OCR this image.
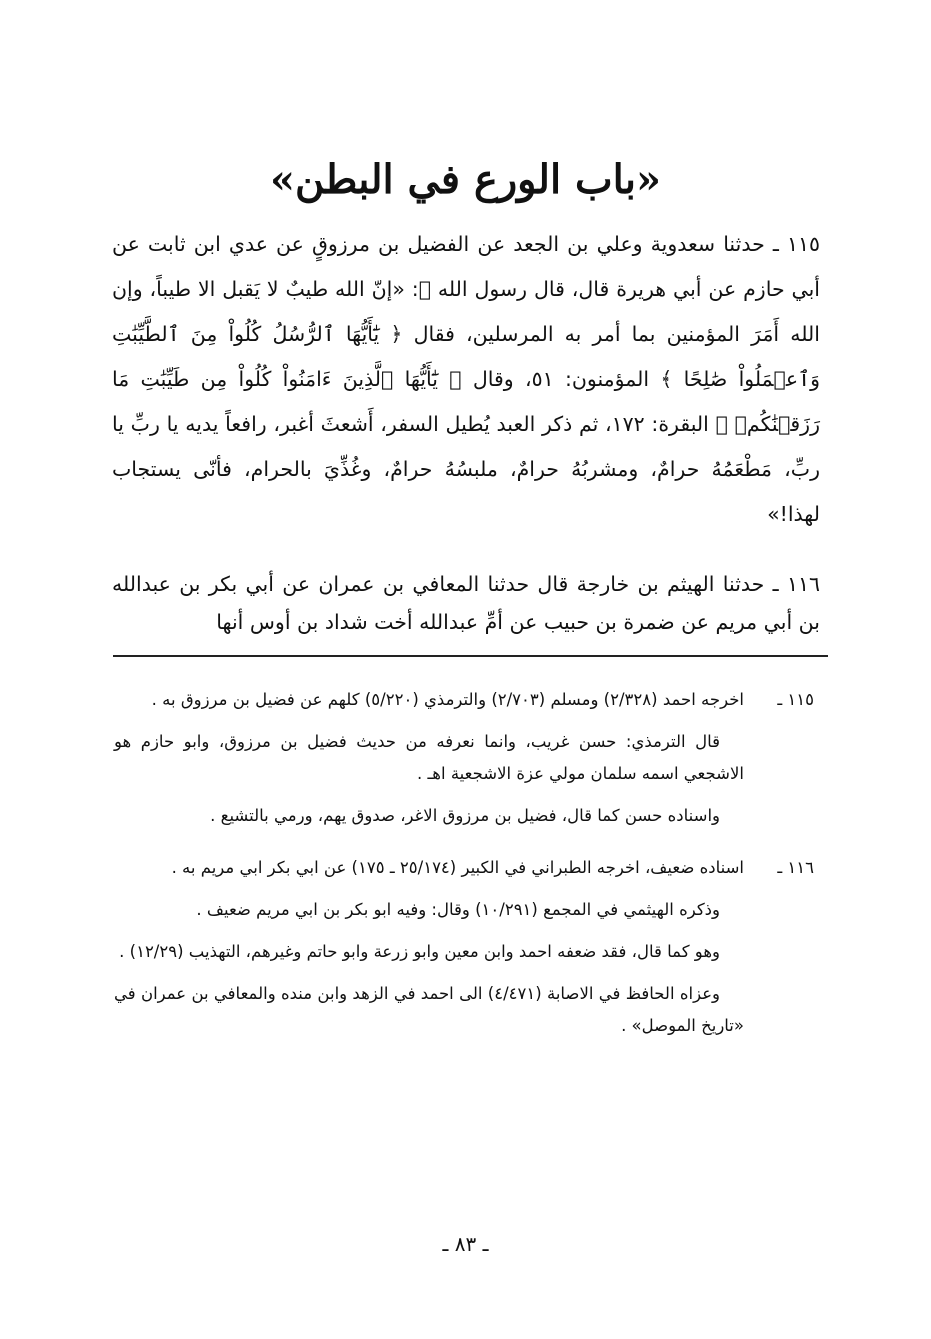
«باب الورع في البطن»

١١٥ ـ حدثنا سعدوية وعلي بن الجعد عن الفضيل بن مرزوقٍ عن عدي ابن ثابت عن أبي حازم عن أبي هريرة قال، قال رسول الله ﷺ: «إنّ الله طيبٌ لا يَقبل الا طيباً، وإن الله أَمَرَ المؤمنين بما أمر به المرسلين، فقال ﴿ يَٰٓأَيُّهَا ٱلرُّسُلُ كُلُواْ مِنَ ٱلطَّيِّبَٰتِ وَٱعۡمَلُواْ صَٰلِحًا ﴾ المؤمنون: ٥١، وقال ﴿ يَٰٓأَيُّهَا ٱلَّذِينَ ءَامَنُواْ كُلُواْ مِن طَيِّبَٰتِ مَا رَزَقۡنَٰكُمۡ ﴾ البقرة: ١٧٢، ثم ذكر العبد يُطيل السفر، أَشعثَ أغبر، رافعاً يديه يا ربِّ يا ربِّ، مَطْعَمُهُ حرامٌ، ومشربُهُ حرامٌ، ملبسُهُ حرامٌ، وغُذِّيَ بالحرام، فأنّى يستجاب لهذا!»

١١٦ ـ حدثنا الهيثم بن خارجة قال حدثنا المعافي بن عمران عن أبي بكر بن عبدالله بن أبي مريم عن ضمرة بن حبيب عن أمِّ عبدالله أخت شداد بن أوس أنها

١١٥ ـ

اخرجه احمد (٢/٣٢٨) ومسلم (٢/٧٠٣) والترمذي (٥/٢٢٠) كلهم عن فضيل بن مرزوق به .

قال الترمذي: حسن غريب، وانما نعرفه من حديث فضيل بن مرزوق، وابو حازم هو الاشجعي اسمه سلمان مولي عزة الاشجعية اهـ .

واسناده حسن كما قال، فضيل بن مرزوق الاغر، صدوق يهم، ورمي بالتشيع .

١١٦ ـ

اسناده ضعيف، اخرجه الطبراني في الكبير (٢٥/١٧٤ ـ ١٧٥) عن ابي بكر ابي مريم به .

وذكره الهيثمي في المجمع (١٠/٢٩١) وقال: وفيه ابو بكر بن ابي مريم ضعيف .

وهو كما قال، فقد ضعفه احمد وابن معين وابو زرعة وابو حاتم وغيرهم، التهذيب (١٢/٢٩) .

وعزاه الحافظ في الاصابة (٤/٤٧١) الى احمد في الزهد وابن منده والمعافي بن عمران في «تاريخ الموصل» .

ـ ٨٣ ـ
